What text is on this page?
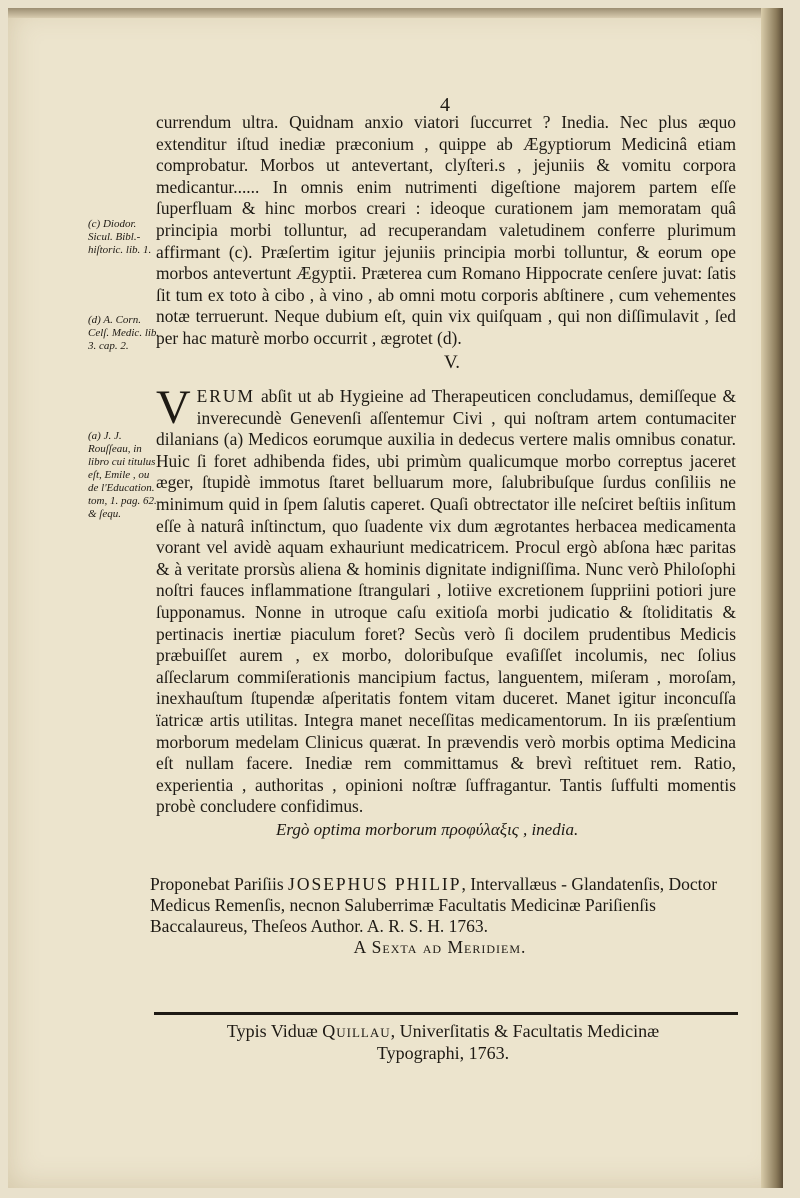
4

currendum ultra. Quidnam anxio viatori ſuccurret ? Inedia. Nec plus æquo extenditur iſtud inediæ præconium , quippe ab Ægyptiorum Medicinâ etiam comprobatur. Morbos ut antevertant, clyſteri.s , jejuniis & vomitu corpora medicantur...... In omnis enim nutrimenti digeſtione majorem partem eſſe ſuperfluam & hinc morbos creari : ideoque curationem jam memoratam quâ principia morbi tolluntur, ad recuperandam valetudinem conferre plurimum affirmant (c). Præſertim igitur jejuniis principia morbi tolluntur, & eorum ope morbos antevertunt Ægyptii. Præterea cum Romano Hippocrate cenſere juvat: ſatis ſit tum ex toto à cibo , à vino , ab omni motu corporis abſtinere , cum vehementes notæ terruerunt. Neque dubium eſt, quin vix quiſquam , qui non diſſimulavit , ſed per hac maturè morbo occurrit , ægrotet (d).

(c) Diodor. Sicul. Bibl.- hiſtoric. lib. 1.
(d) A. Corn. Celſ. Medic. lib. 3. cap. 2.
V.

VERUM abſit ut ab Hygieine ad Therapeuticen concludamus, demiſſeque & inverecundè Genevenſi aſſentemur Civi , qui noſtram artem contumaciter dilanians (a) Medicos eorumque auxilia in dedecus vertere malis omnibus conatur. Huic ſi foret adhibenda fides, ubi primùm qualicumque morbo correptus jaceret æger, ſtupidè immotus ſtaret belluarum more, ſalubribuſque ſurdus conſiliis ne minimum quid in ſpem ſalutis caperet. Quaſi obtrectator ille neſciret beſtiis inſitum eſſe à naturâ inſtinctum, quo ſuadente vix dum ægrotantes herbacea medicamenta vorant vel avidè aquam exhauriunt medicatricem. Procul ergò abſona hæc paritas & à veritate prorsùs aliena & hominis dignitate indigniſſima. Nunc verò Philoſophi noſtri fauces inflammatione ſtrangulari , lotiive excretionem ſuppriini potiori jure ſupponamus. Nonne in utroque caſu exitioſa morbi judicatio & ſtoliditatis & pertinacis inertiæ piaculum foret? Secùs verò ſi docilem prudentibus Medicis præbuiſſet aurem , ex morbo, doloribuſque evaſiſſet incolumis, nec ſolius aſſeclarum commiſerationis mancipium factus, languentem, miſeram , moroſam, inexhauſtum ſtupendæ aſperitatis fontem vitam duceret. Manet igitur inconcuſſa ïatricæ artis utilitas. Integra manet neceſſitas medicamentorum. In iis præſentium morborum medelam Clinicus quærat. In prævendis verò morbis optima Medicina eſt nullam facere. Inediæ rem committamus & brevì reſtituet rem. Ratio, experientia , authoritas , opinioni noſtræ ſuffragantur. Tantis ſuffulti momentis probè concludere confidimus.

(a) J. J. Rouſſeau, in libro cui titulus eſt, Emile , ou de l'Education. tom, 1. pag. 62. & ſequ.
Ergò optima morborum προφύλαξις , inedia.

Proponebat Pariſiis JOSEPHUS PHILIP, Intervallæus - Glandatenſis, Doctor Medicus Remenſis, necnon Saluberrimæ Facultatis Medicinæ Pariſienſis Baccalaureus, Theſeos Author. A. R. S. H. 1763.

A Sexta ad Meridiem.

Typis Viduæ Quillau, Univerſitatis & Facultatis Medicinæ
Typographi, 1763.
